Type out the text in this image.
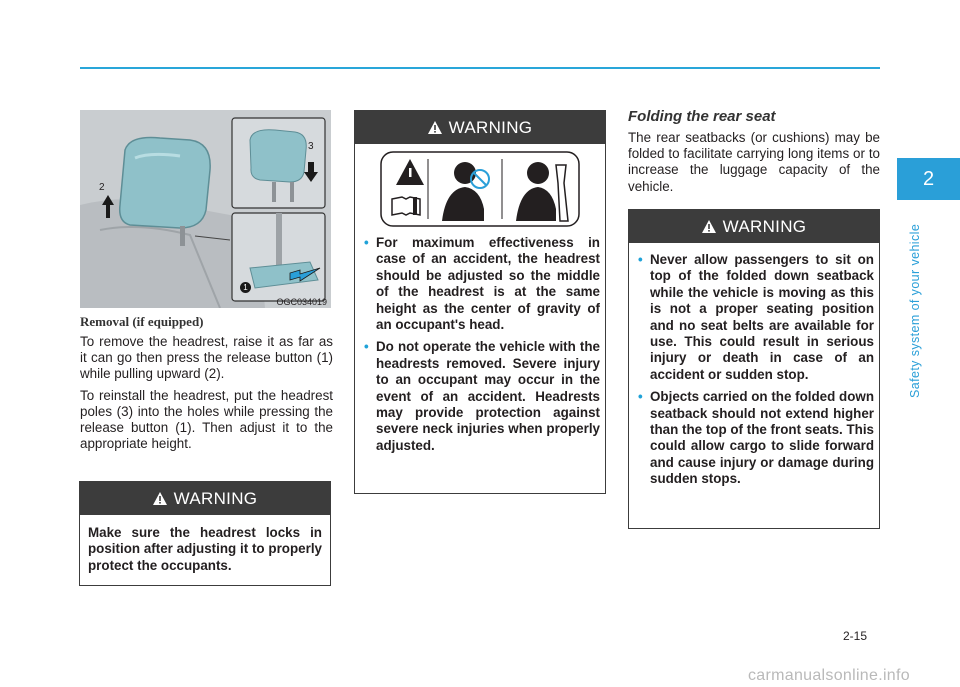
2
3
1
OGC034019
Removal (if equipped)

To remove the headrest, raise it as far as it can go then press the release button (1) while pulling upward (2).

To reinstall the headrest, put the headrest poles (3) into the holes while pressing the release button (1). Then adjust it to the appropriate height.

WARNING
Make sure the headrest locks in position after adjusting it to properly protect the occupants.
WARNING
• For maximum effectiveness in case of an accident, the headrest should be adjusted so the middle of the headrest is at the same height as the center of gravity of an occupant's head.
• Do not operate the vehicle with the headrests removed. Severe injury to an occupant may occur in the event of an accident. Headrests may provide protection against severe neck injuries when properly adjusted.
Folding the rear seat

The rear seatbacks (or cushions) may be folded to facilitate carrying long items or to increase the luggage capacity of the vehicle.

WARNING
• Never allow passengers to sit on top of the folded down seatback while the vehicle is moving as this is not a proper seating position and no seat belts are available for use. This could result in serious injury or death in case of an accident or sudden stop.
• Objects carried on the folded down seatback should not extend higher than the top of the front seats. This could allow cargo to slide forward and cause injury or damage during sudden stops.
2
Safety system of your vehicle
2-15
carmanualsonline.info
